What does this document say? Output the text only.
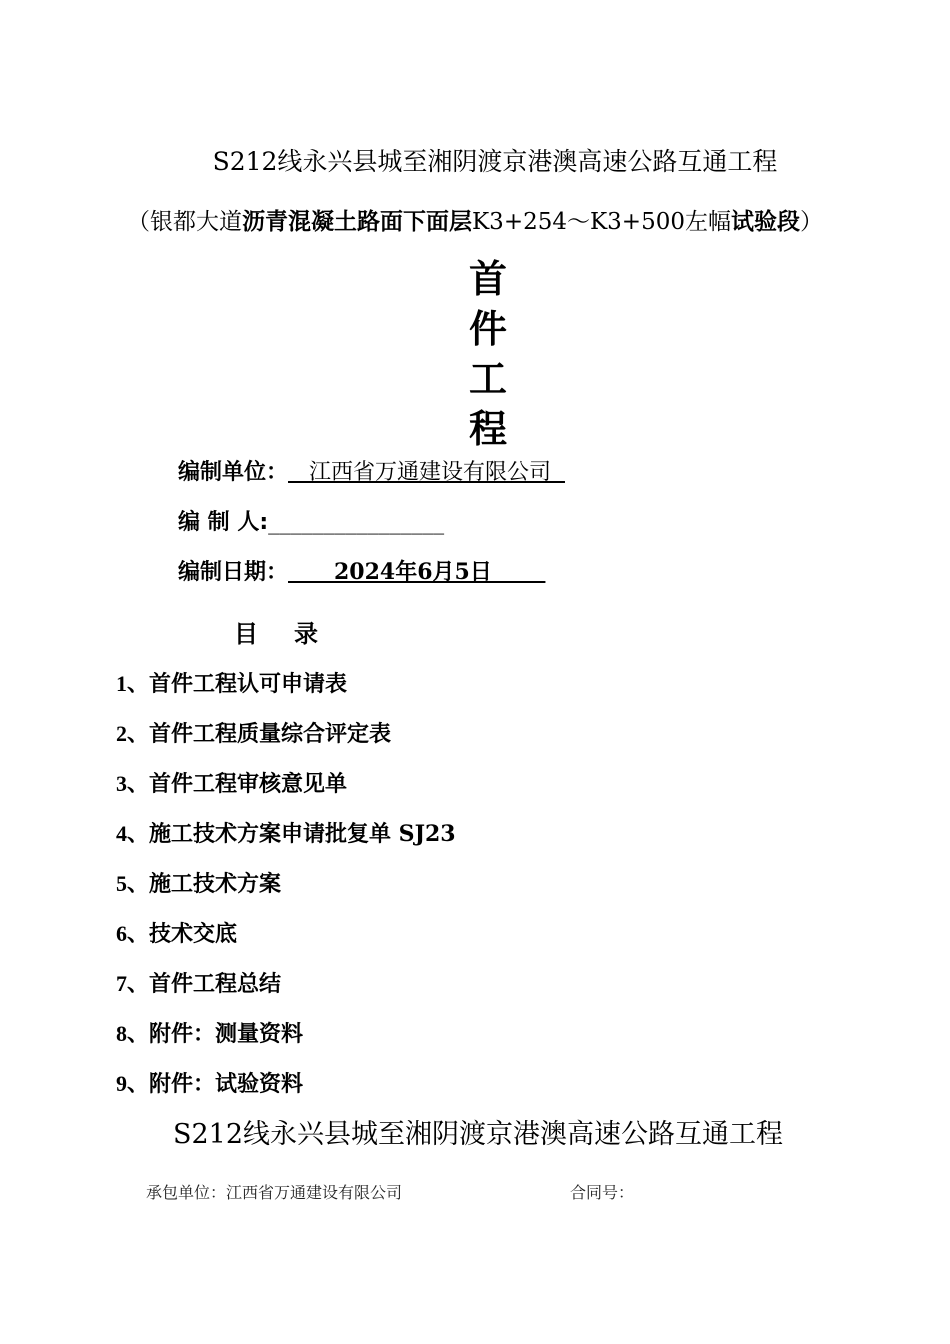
S212线永兴县城至湘阴渡京港澳高速公路互通工程
（银都大道沥青混凝土路面下面层K3+254～K3+500左幅试验段）
首
件
工
程
编制单位：   江西省万通建设有限公司
编 制 人:________________
编制日期：      2024年6月5日
目录
1、首件工程认可申请表
2、首件工程质量综合评定表
3、首件工程审核意见单
4、施工技术方案申请批复单 SJ23
5、施工技术方案
6、技术交底
7、首件工程总结
8、附件：测量资料
9、附件：试验资料
S212线永兴县城至湘阴渡京港澳高速公路互通工程
承包单位：江西省万通建设有限公司	合同号：
